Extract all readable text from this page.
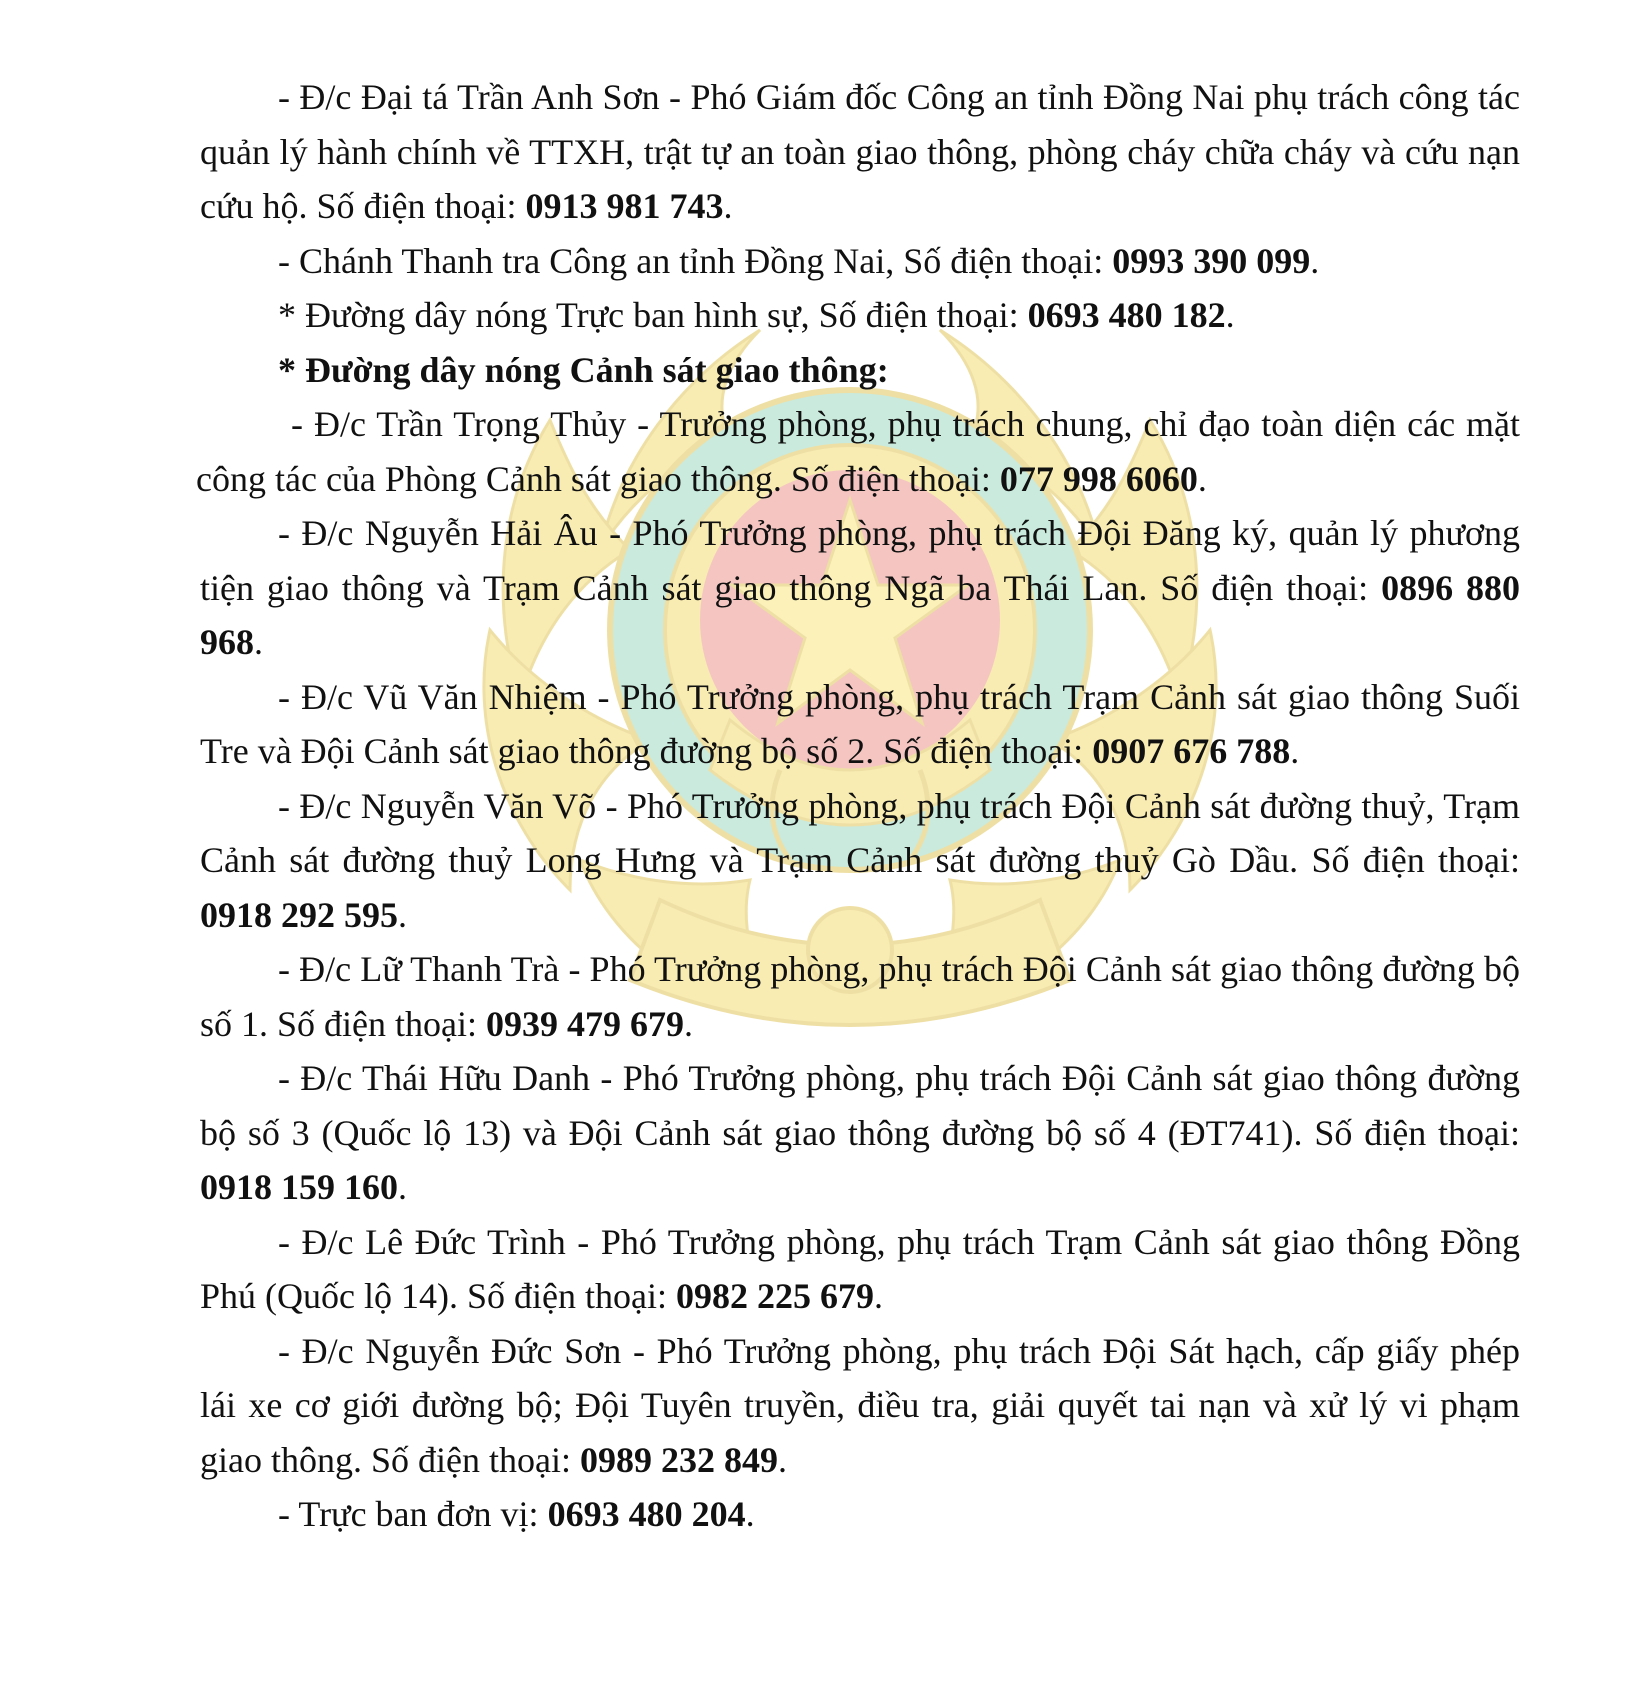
- Đ/c Đại tá Trần Anh Sơn - Phó Giám đốc Công an tỉnh Đồng Nai phụ trách công tác quản lý hành chính về TTXH, trật tự an toàn giao thông, phòng cháy chữa cháy và cứu nạn cứu hộ. Số điện thoại: 0913 981 743.

- Chánh Thanh tra Công an tỉnh Đồng Nai, Số điện thoại: 0993 390 099.

* Đường dây nóng Trực ban hình sự, Số điện thoại: 0693 480 182.

* Đường dây nóng Cảnh sát giao thông:

- Đ/c Trần Trọng Thủy - Trưởng phòng, phụ trách chung, chỉ đạo toàn diện các mặt công tác của Phòng Cảnh sát giao thông. Số điện thoại: 077 998 6060.

- Đ/c Nguyễn Hải Âu - Phó Trưởng phòng, phụ trách Đội Đăng ký, quản lý phương tiện giao thông và Trạm Cảnh sát giao thông Ngã ba Thái Lan. Số điện thoại: 0896 880 968.

- Đ/c Vũ Văn Nhiệm - Phó Trưởng phòng, phụ trách Trạm Cảnh sát giao thông Suối Tre và Đội Cảnh sát giao thông đường bộ số 2. Số điện thoại: 0907 676 788.

- Đ/c Nguyễn Văn Võ - Phó Trưởng phòng, phụ trách Đội Cảnh sát đường thuỷ, Trạm Cảnh sát đường thuỷ Long Hưng và Trạm Cảnh sát đường thuỷ Gò Dầu. Số điện thoại: 0918 292 595.

- Đ/c Lữ Thanh Trà - Phó Trưởng phòng, phụ trách Đội Cảnh sát giao thông đường bộ số 1. Số điện thoại: 0939 479 679.

- Đ/c Thái Hữu Danh - Phó Trưởng phòng, phụ trách Đội Cảnh sát giao thông đường bộ số 3 (Quốc lộ 13) và Đội Cảnh sát giao thông đường bộ số 4 (ĐT741). Số điện thoại: 0918 159 160.

- Đ/c Lê Đức Trình - Phó Trưởng phòng, phụ trách Trạm Cảnh sát giao thông Đồng Phú (Quốc lộ 14). Số điện thoại: 0982 225 679.

- Đ/c Nguyễn Đức Sơn - Phó Trưởng phòng, phụ trách Đội Sát hạch, cấp giấy phép lái xe cơ giới đường bộ; Đội Tuyên truyền, điều tra, giải quyết tai nạn và xử lý vi phạm giao thông. Số điện thoại: 0989 232 849.

- Trực ban đơn vị: 0693 480 204.
